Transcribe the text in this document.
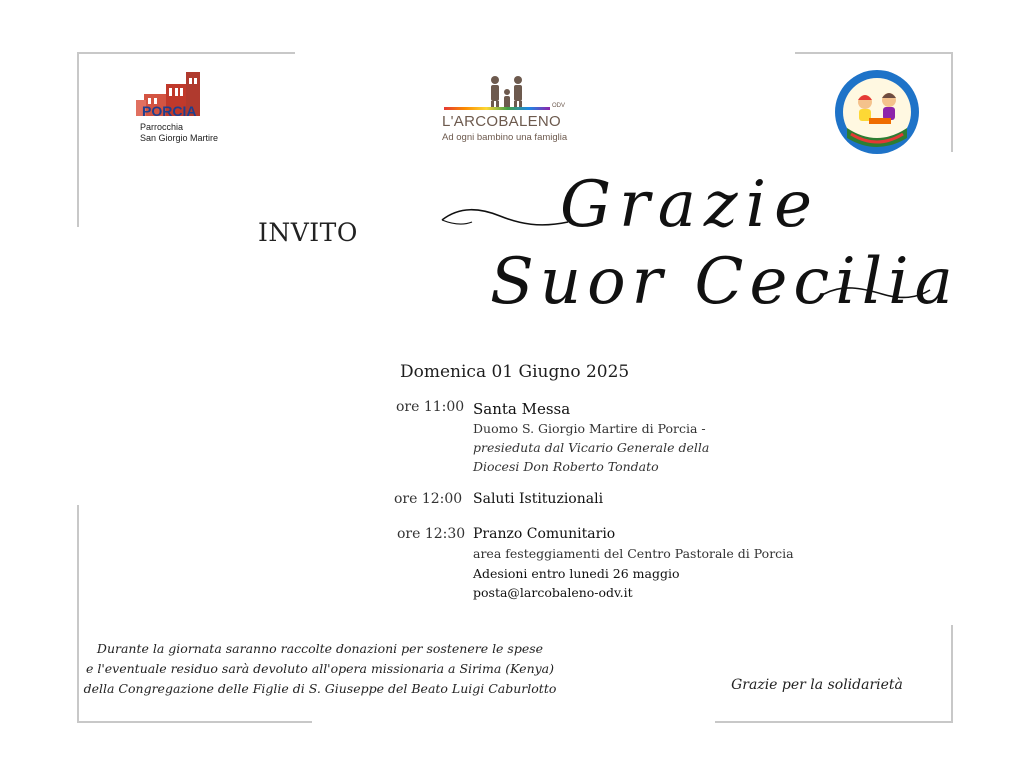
PORCIA
Parrocchia
San Giorgio Martire
ODV
L'ARCOBALENO
Ad ogni bambino una famiglia
INVITO	Grazie
Suor Cecilia
Domenica 01 Giugno 2025
ore 11:00 Santa Messa
Duomo S. Giorgio Martire di Porcia -
presieduta dal Vicario Generale della
Diocesi Don Roberto Tondato
ore 12:00 Saluti Istituzionali
ore 12:30 Pranzo Comunitario
area festeggiamenti del Centro Pastorale di Porcia
Adesioni entro lunedi 26 maggio
posta@larcobaleno-odv.it
Durante la giornata saranno raccolte donazioni per sostenere le spese
e l'eventuale residuo sarà devoluto all'opera missionaria a Sirima (Kenya)
della Congregazione delle Figlie di S. Giuseppe del Beato Luigi Caburlotto	Grazie per la solidarietà
